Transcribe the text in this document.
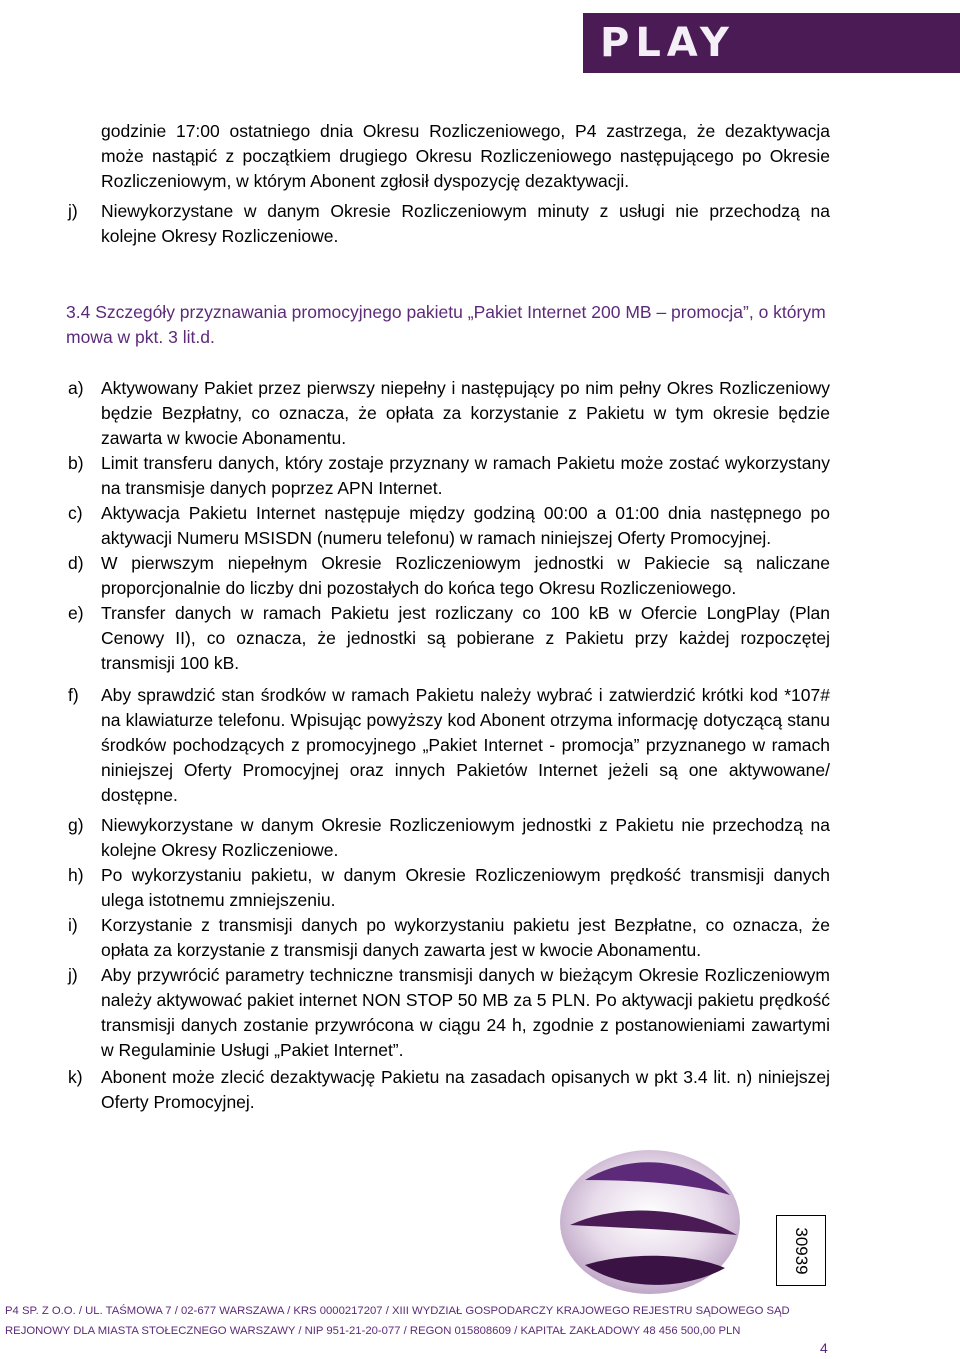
PLAY
godzinie 17:00 ostatniego dnia Okresu Rozliczeniowego, P4 zastrzega, że dezaktywacja może nastąpić z początkiem drugiego Okresu Rozliczeniowego następującego po Okresie Rozliczeniowym, w którym Abonent zgłosił dyspozycję dezaktywacji.
j) Niewykorzystane w danym Okresie Rozliczeniowym minuty z usługi nie przechodzą na kolejne Okresy Rozliczeniowe.
3.4 Szczegóły przyznawania promocyjnego pakietu „Pakiet Internet 200 MB – promocja”, o którym mowa w pkt. 3 lit.d.
a) Aktywowany Pakiet przez pierwszy niepełny i następujący po nim pełny Okres Rozliczeniowy będzie Bezpłatny, co oznacza, że opłata za korzystanie z Pakietu w tym okresie będzie zawarta w kwocie Abonamentu.
b) Limit transferu danych, który zostaje przyznany w ramach Pakietu może zostać wykorzystany na transmisje danych poprzez APN Internet.
c) Aktywacja Pakietu Internet następuje między godziną 00:00 a 01:00 dnia następnego po aktywacji Numeru MSISDN (numeru telefonu) w ramach niniejszej Oferty Promocyjnej.
d) W pierwszym niepełnym Okresie Rozliczeniowym jednostki w Pakiecie są naliczane proporcjonalnie do liczby dni pozostałych do końca tego Okresu Rozliczeniowego.
e) Transfer danych w ramach Pakietu jest rozliczany co 100 kB w Ofercie LongPlay (Plan Cenowy II), co oznacza, że jednostki są pobierane z Pakietu przy każdej rozpoczętej transmisji 100 kB.
f) Aby sprawdzić stan środków w ramach Pakietu należy wybrać i zatwierdzić krótki kod *107# na klawiaturze telefonu. Wpisując powyższy kod Abonent otrzyma informację dotyczącą stanu środków pochodzących z promocyjnego „Pakiet Internet - promocja” przyznanego w ramach niniejszej Oferty Promocyjnej oraz innych Pakietów Internet jeżeli są one aktywowane/ dostępne.
g) Niewykorzystane w danym Okresie Rozliczeniowym jednostki z Pakietu nie przechodzą na kolejne Okresy Rozliczeniowe.
h) Po wykorzystaniu pakietu, w danym Okresie Rozliczeniowym prędkość transmisji danych ulega istotnemu zmniejszeniu.
i) Korzystanie z transmisji danych po wykorzystaniu pakietu jest Bezpłatne, co oznacza, że opłata za korzystanie z transmisji danych zawarta jest w kwocie Abonamentu.
j) Aby przywrócić parametry techniczne transmisji danych w bieżącym Okresie Rozliczeniowym należy aktywować pakiet internet NON STOP 50 MB za 5 PLN. Po aktywacji pakietu prędkość transmisji danych zostanie przywrócona w ciągu 24 h, zgodnie z postanowieniami zawartymi w Regulaminie Usługi „Pakiet Internet”.
k) Abonent może zlecić dezaktywację Pakietu na zasadach opisanych w pkt 3.4 lit. n) niniejszej Oferty Promocyjnej.
30939
P4 SP. Z O.O. / UL. TAŚMOWA 7 / 02-677 WARSZAWA / KRS 0000217207 / XIII WYDZIAŁ GOSPODARCZY KRAJOWEGO REJESTRU SĄDOWEGO SĄD
REJONOWY DLA MIASTA STOŁECZNEGO WARSZAWY / NIP 951-21-20-077 / REGON 015808609 / KAPITAŁ ZAKŁADOWY 48 456 500,00 PLN
4
